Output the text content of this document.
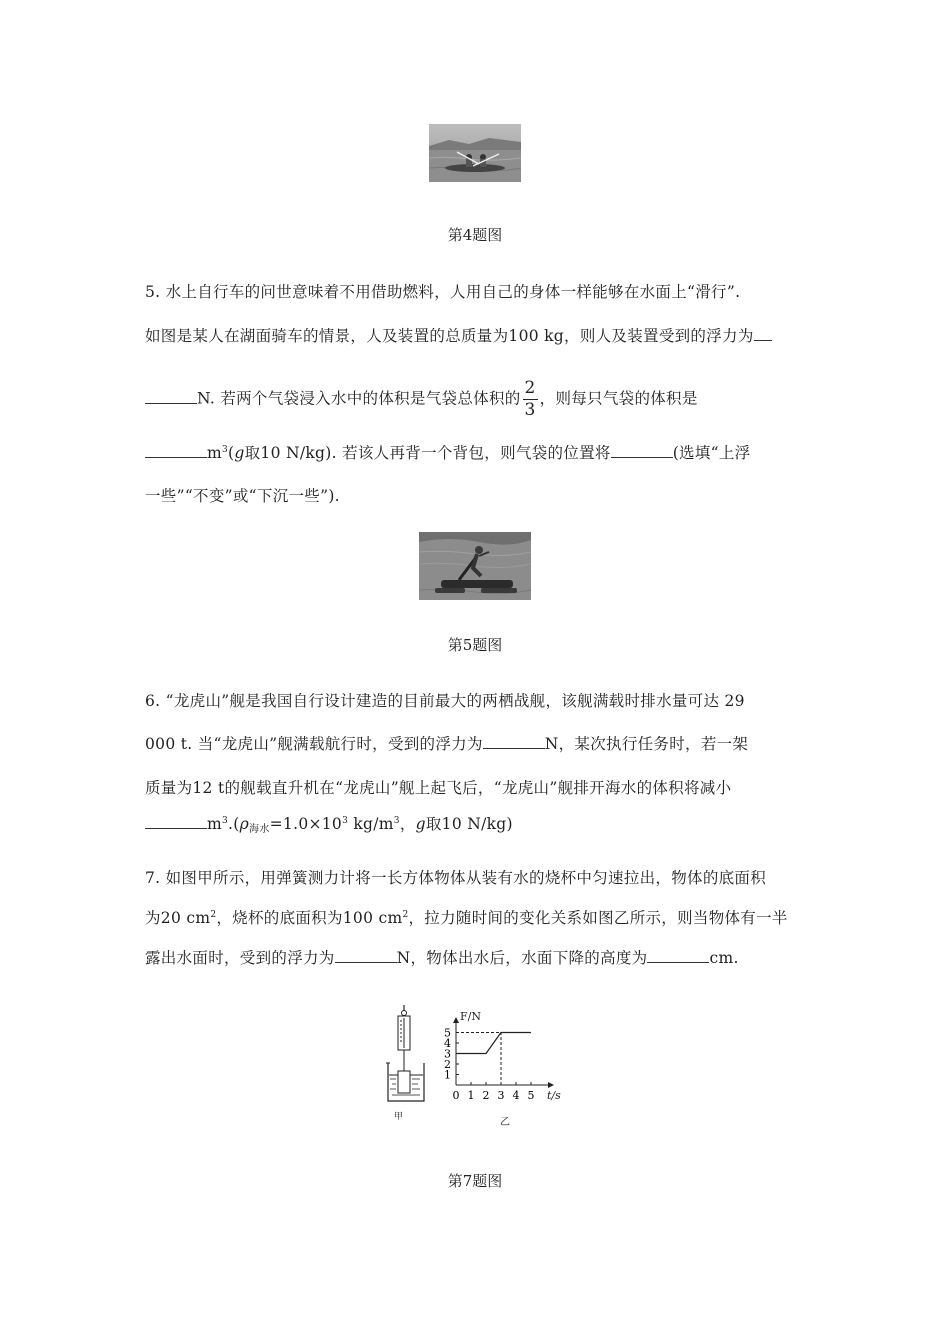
第4题图
5. 水上自行车的问世意味着不用借助燃料，人用自己的身体一样能够在水面上“滑行”.
如图是某人在湖面骑车的情景，人及装置的总质量为100 kg，则人及装置受到的浮力为
N. 若两个气袋浸入水中的体积是气袋总体积的 $\frac{2}{3}$ ，则每只气袋的体积是
$m^3(g$取10 N/kg). 若该人再背一个背包，则气袋的位置将	(选填“上浮
一些”“不变”或“下沉一些”).
第5题图
6. “龙虎山”舰是我国自行设计建造的目前最大的两栖战舰，该舰满载时排水量可达 29
000 t. 当“龙虎山”舰满载航行时，受到的浮力为	N，某次执行任务时，若一架
质量为12 t的舰载直升机在“龙虎山”舰上起飞后，“龙虎山”舰排开海水的体积将减小
$m^3.(\rho$海水$=1.0\times 10^3$ $kg/m^3$，g取10 N/kg)
7. 如图甲所示，用弹簧测力计将一长方体物体从装有水的烧杯中匀速拉出，物体的底面积
为20 $cm^2$，烧杯的底面积为100 $cm^2$，拉力随时间的变化关系如图乙所示，则当物体有一半
露出水面时，受到的浮力为	N，物体出水后，水面下降的高度为	cm.
甲
1
2
3
4
5
0 1 2 3 4 5
F/N
t/s
乙
第7题图
